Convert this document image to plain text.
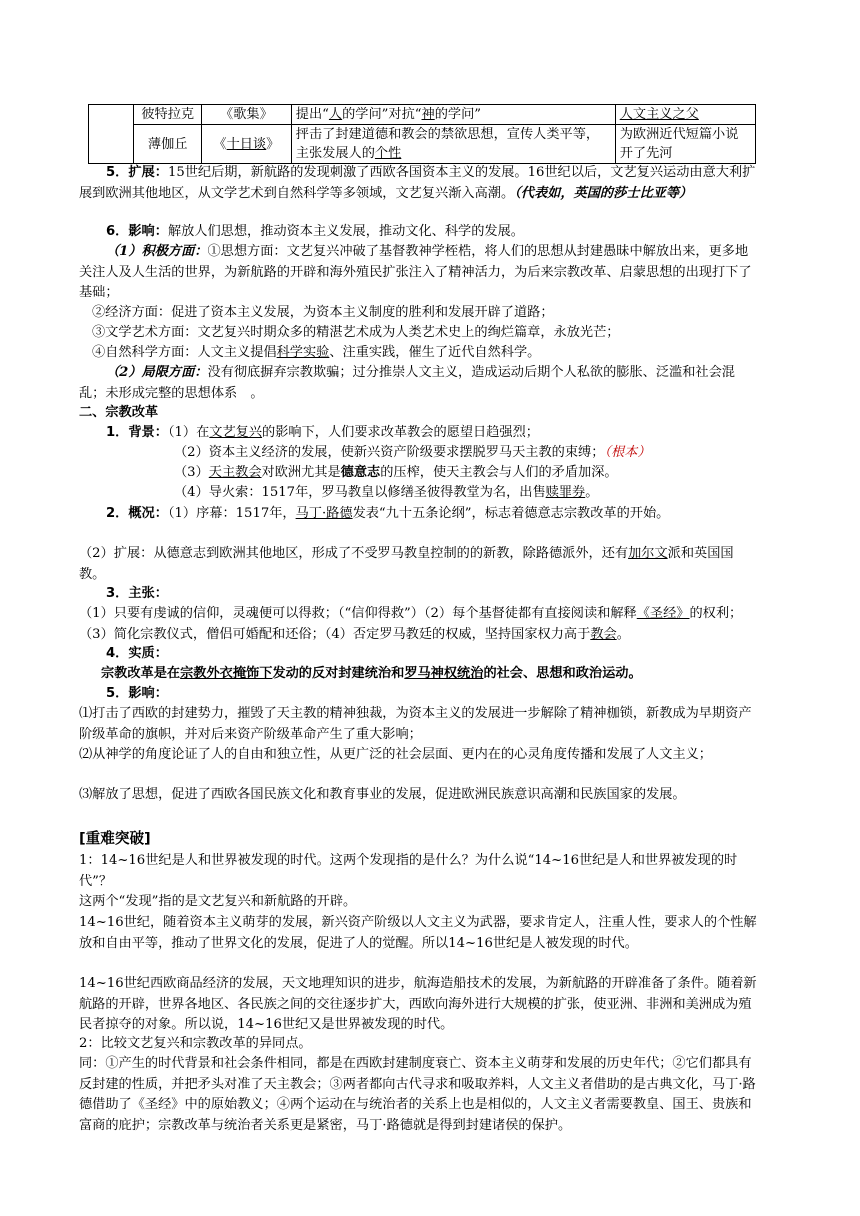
	彼特拉克	《歌集》	提出“人的学问”对抗“神的学问”	人文主义之父
	薄伽丘	《十日谈》	抨击了封建道德和教会的禁欲思想，宣传人类平等，主张发展人的个性	为欧洲近代短篇小说开了先河

5．扩展：15世纪后期，新航路的发现刺激了西欧各国资本主义的发展。16世纪以后，文艺复兴运动由意大利扩展到欧洲其他地区，从文学艺术到自然科学等多领域，文艺复兴渐入高潮。（代表如，英国的莎士比亚等）

6．影响：解放人们思想，推动资本主义发展，推动文化、科学的发展。

（1）积极方面：①思想方面：文艺复兴冲破了基督教神学桎梏，将人们的思想从封建愚昧中解放出来，更多地关注人及人生活的世界，为新航路的开辟和海外殖民扩张注入了精神活力，为后来宗教改革、启蒙思想的出现打下了基础；

②经济方面：促进了资本主义发展，为资本主义制度的胜利和发展开辟了道路；

③文学艺术方面：文艺复兴时期众多的精湛艺术成为人类艺术史上的绚烂篇章，永放光芒；

④自然科学方面：人文主义提倡科学实验、注重实践，催生了近代自然科学。

（2）局限方面：没有彻底摒弃宗教欺骗；过分推崇人文主义，造成运动后期个人私欲的膨胀、泛滥和社会混乱；未形成完整的思想体系　。

二、宗教改革

1．背景：（1）在文艺复兴的影响下，人们要求改革教会的愿望日趋强烈；

（2）资本主义经济的发展，使新兴资产阶级要求摆脱罗马天主教的束缚；（根本）

（3）天主教会对欧洲尤其是德意志的压榨，使天主教会与人们的矛盾加深。

（4）导火索：1517年，罗马教皇以修缮圣彼得教堂为名，出售赎罪券。

2．概况：（1）序幕：1517年，马丁·路德发表“九十五条论纲”，标志着德意志宗教改革的开始。

（2）扩展：从德意志到欧洲其他地区，形成了不受罗马教皇控制的的新教，除路德派外，还有加尔文派和英国国教。

3．主张：

（1）只要有虔诚的信仰，灵魂便可以得救；（“信仰得救”）（2）每个基督徒都有直接阅读和解释《圣经》的权利；（3）简化宗教仪式，僧侣可婚配和还俗；（4）否定罗马教廷的权威，坚持国家权力高于教会。

4．实质：

宗教改革是在宗教外衣掩饰下发动的反对封建统治和罗马神权统治的社会、思想和政治运动。

5．影响：

⑴打击了西欧的封建势力，摧毁了天主教的精神独裁，为资本主义的发展进一步解除了精神枷锁，新教成为早期资产阶级革命的旗帜，并对后来资产阶级革命产生了重大影响；

⑵从神学的角度论证了人的自由和独立性，从更广泛的社会层面、更内在的心灵角度传播和发展了人文主义；

⑶解放了思想，促进了西欧各国民族文化和教育事业的发展，促进欧洲民族意识高潮和民族国家的发展。

[重难突破]

1：14~16世纪是人和世界被发现的时代。这两个发现指的是什么？为什么说“14~16世纪是人和世界被发现的时代”？

这两个“发现”指的是文艺复兴和新航路的开辟。

14~16世纪，随着资本主义萌芽的发展，新兴资产阶级以人文主义为武器，要求肯定人，注重人性，要求人的个性解放和自由平等，推动了世界文化的发展，促进了人的觉醒。所以14~16世纪是人被发现的时代。

14~16世纪西欧商品经济的发展，天文地理知识的进步，航海造船技术的发展，为新航路的开辟准备了条件。随着新航路的开辟，世界各地区、各民族之间的交往逐步扩大，西欧向海外进行大规模的扩张，使亚洲、非洲和美洲成为殖民者掠夺的对象。所以说，14~16世纪又是世界被发现的时代。

2：比较文艺复兴和宗教改革的异同点。

同：①产生的时代背景和社会条件相同，都是在西欧封建制度衰亡、资本主义萌芽和发展的历史年代；②它们都具有反封建的性质，并把矛头对准了天主教会；③两者都向古代寻求和吸取养料，人文主义者借助的是古典文化，马丁·路德借助了《圣经》中的原始教义；④两个运动在与统治者的关系上也是相似的，人文主义者需要教皇、国王、贵族和富商的庇护；宗教改革与统治者关系更是紧密，马丁·路德就是得到封建诸侯的保护。
